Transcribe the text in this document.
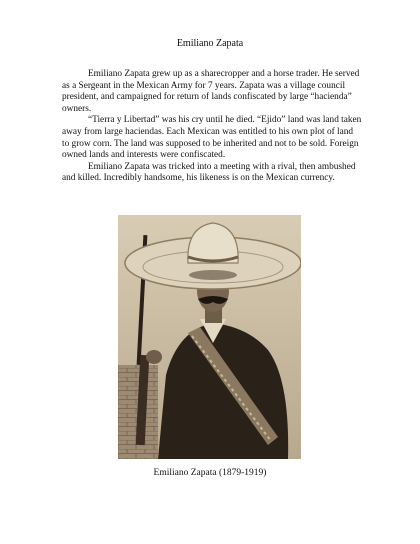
Emiliano Zapata

Emiliano Zapata grew up as a sharecropper and a horse trader. He served as a Sergeant in the Mexican Army for 7 years. Zapata was a village council president, and campaigned for return of lands confiscated by large “hacienda” owners.

“Tierra y Libertad” was his cry until he died. “Ejido” land was land taken away from large haciendas. Each Mexican was entitled to his own plot of land to grow corn. The land was supposed to be inherited and not to be sold. Foreign owned lands and interests were confiscated.

Emiliano Zapata was tricked into a meeting with a rival, then ambushed and killed. Incredibly handsome, his likeness is on the Mexican currency.

Emiliano Zapata (1879-1919)
